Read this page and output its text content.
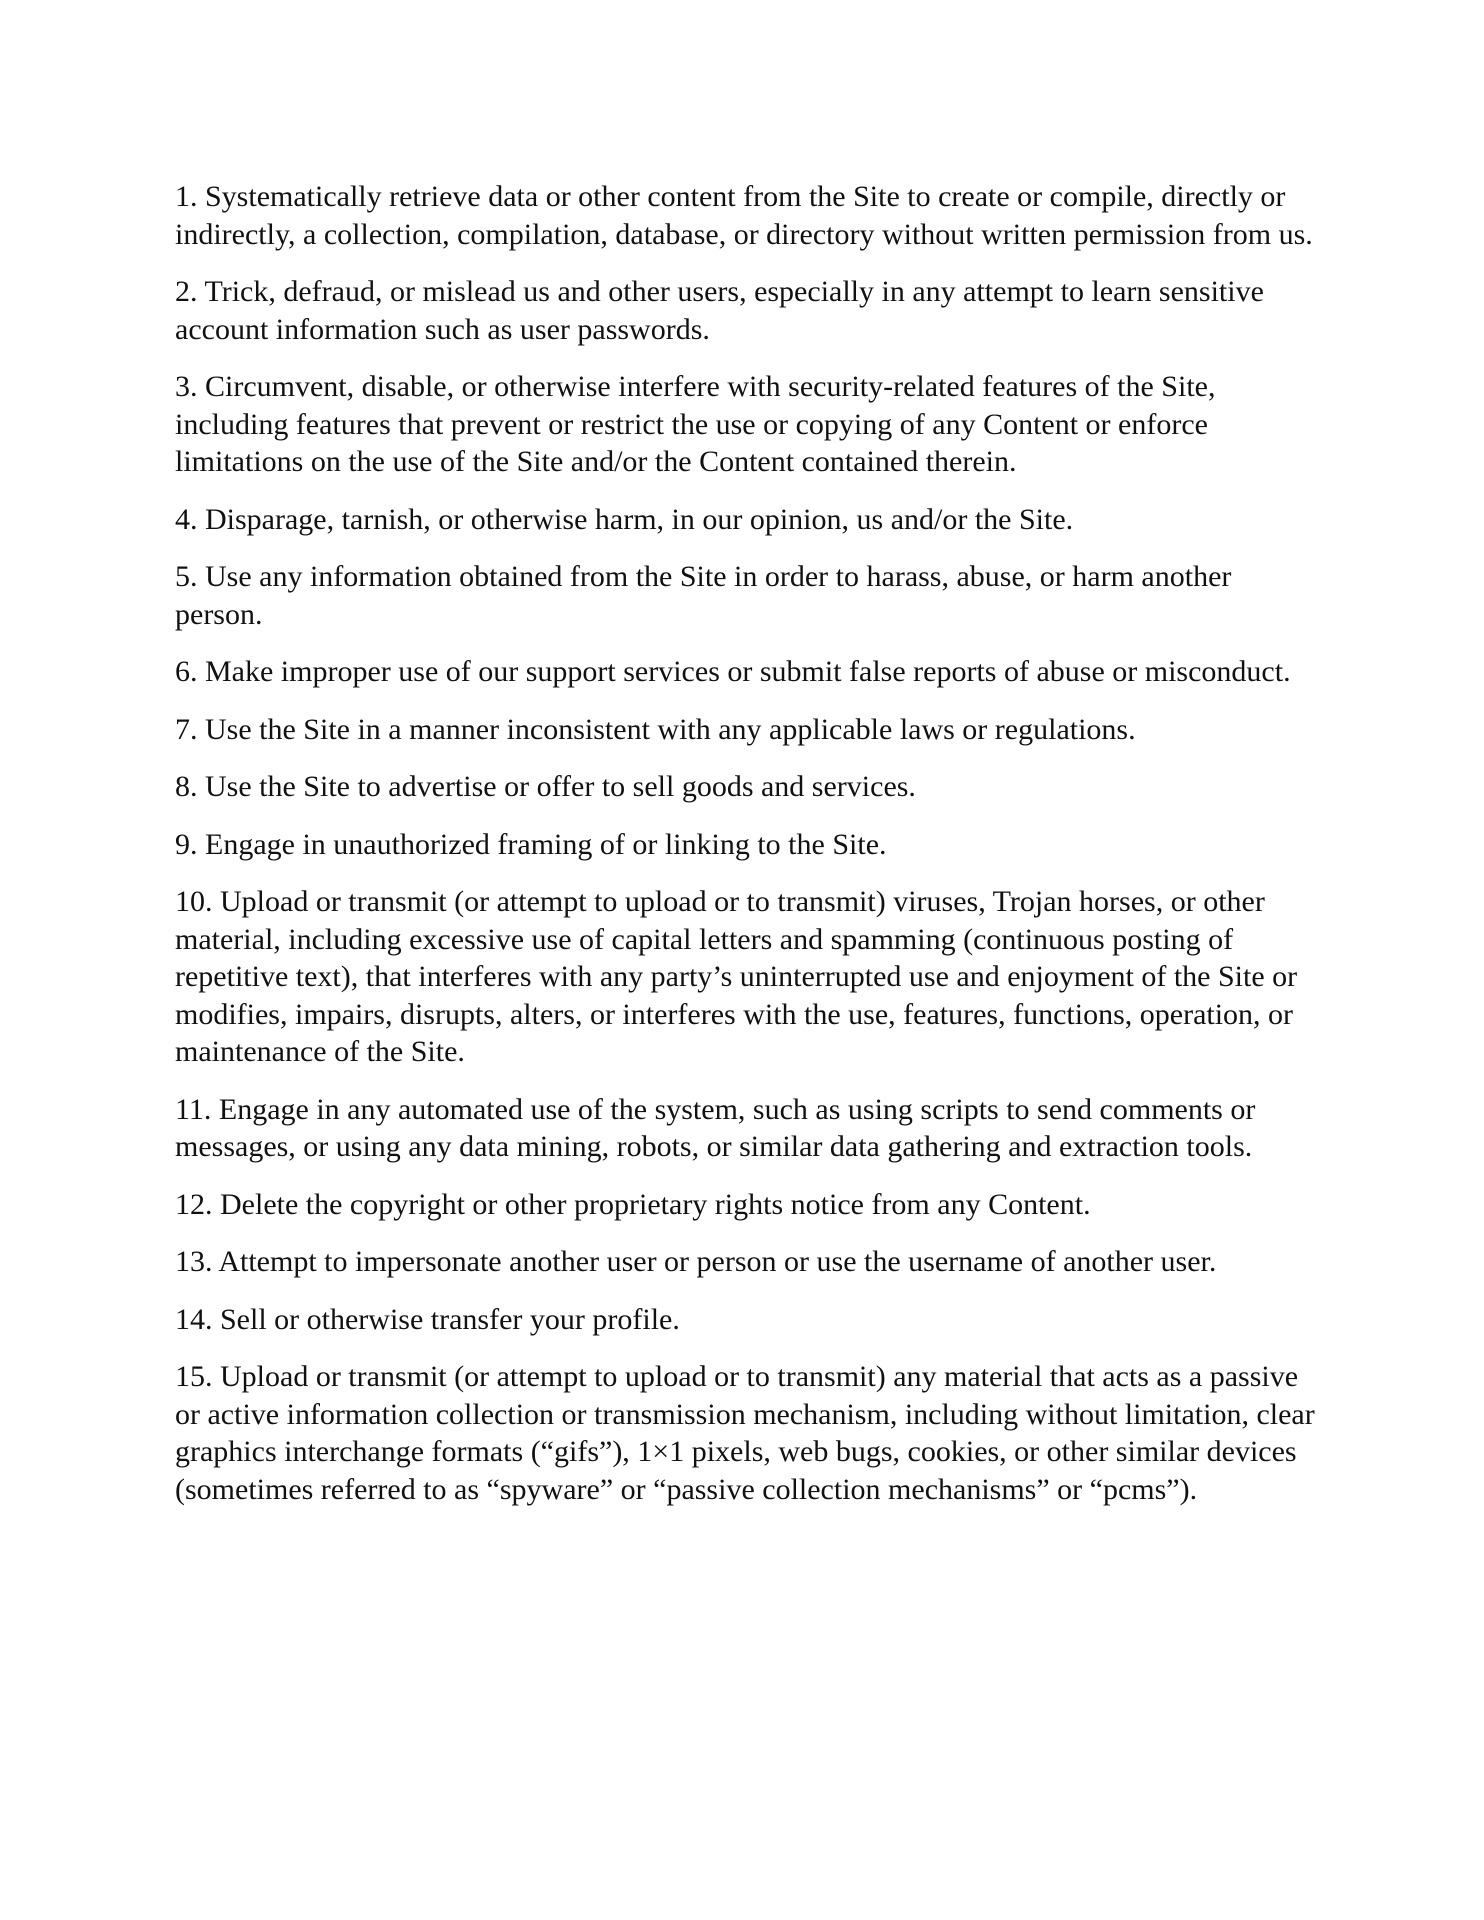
1. Systematically retrieve data or other content from the Site to create or compile, directly or indirectly, a collection, compilation, database, or directory without written permission from us.

2. Trick, defraud, or mislead us and other users, especially in any attempt to learn sensitive account information such as user passwords.

3. Circumvent, disable, or otherwise interfere with security-related features of the Site, including features that prevent or restrict the use or copying of any Content or enforce limitations on the use of the Site and/or the Content contained therein.

4. Disparage, tarnish, or otherwise harm, in our opinion, us and/or the Site.

5. Use any information obtained from the Site in order to harass, abuse, or harm another person.

6. Make improper use of our support services or submit false reports of abuse or misconduct.

7. Use the Site in a manner inconsistent with any applicable laws or regulations.

8. Use the Site to advertise or offer to sell goods and services.

9. Engage in unauthorized framing of or linking to the Site.

10. Upload or transmit (or attempt to upload or to transmit) viruses, Trojan horses, or other material, including excessive use of capital letters and spamming (continuous posting of repetitive text), that interferes with any party’s uninterrupted use and enjoyment of the Site or modifies, impairs, disrupts, alters, or interferes with the use, features, functions, operation, or maintenance of the Site.

11. Engage in any automated use of the system, such as using scripts to send comments or messages, or using any data mining, robots, or similar data gathering and extraction tools.

12. Delete the copyright or other proprietary rights notice from any Content.

13. Attempt to impersonate another user or person or use the username of another user.

14. Sell or otherwise transfer your profile.

15. Upload or transmit (or attempt to upload or to transmit) any material that acts as a passive or active information collection or transmission mechanism, including without limitation, clear graphics interchange formats (“gifs”), 1×1 pixels, web bugs, cookies, or other similar devices (sometimes referred to as “spyware” or “passive collection mechanisms” or “pcms”).
